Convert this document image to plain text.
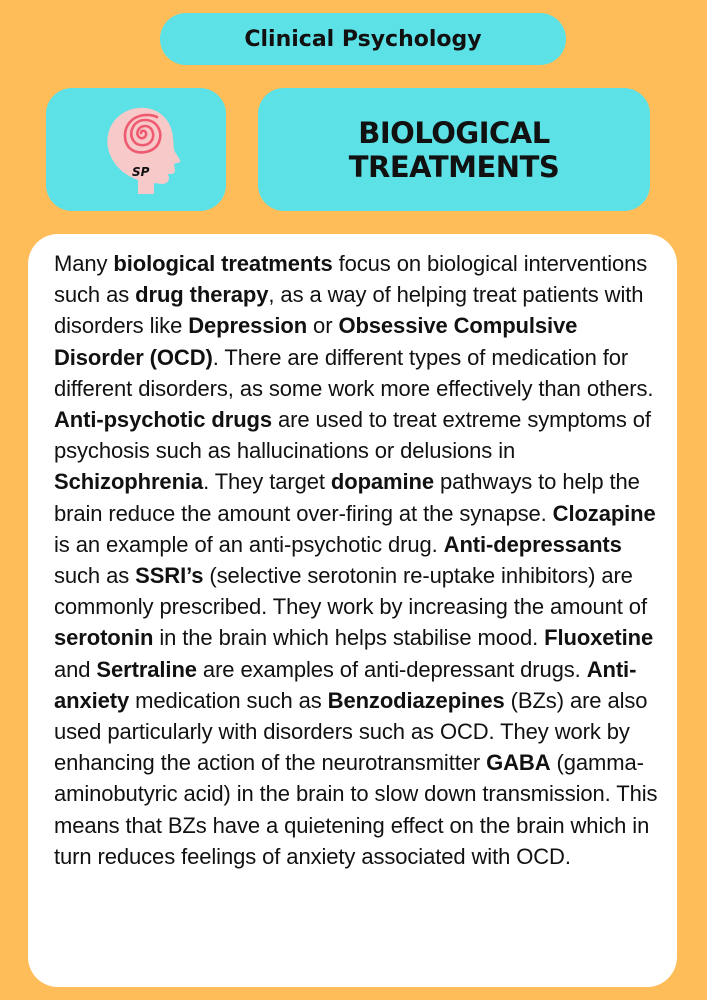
Clinical Psychology
SP
BIOLOGICAL TREATMENTS

Many biological treatments focus on biological interventions such as drug therapy, as a way of helping treat patients with disorders like Depression or Obsessive Compulsive Disorder (OCD). There are different types of medication for different disorders, as some work more effectively than others. Anti-psychotic drugs are used to treat extreme symptoms of psychosis such as hallucinations or delusions in Schizophrenia. They target dopamine pathways to help the brain reduce the amount over-firing at the synapse. Clozapine is an example of an anti-psychotic drug. Anti-depressants such as SSRI’s (selective serotonin re-uptake inhibitors) are commonly prescribed. They work by increasing the amount of serotonin in the brain which helps stabilise mood. Fluoxetine and Sertraline are examples of anti-depressant drugs. Anti-anxiety medication such as Benzodiazepines (BZs) are also used particularly with disorders such as OCD. They work by enhancing the action of the neurotransmitter GABA (gamma-aminobutyric acid) in the brain to slow down transmission. This means that BZs have a quietening effect on the brain which in turn reduces feelings of anxiety associated with OCD.
